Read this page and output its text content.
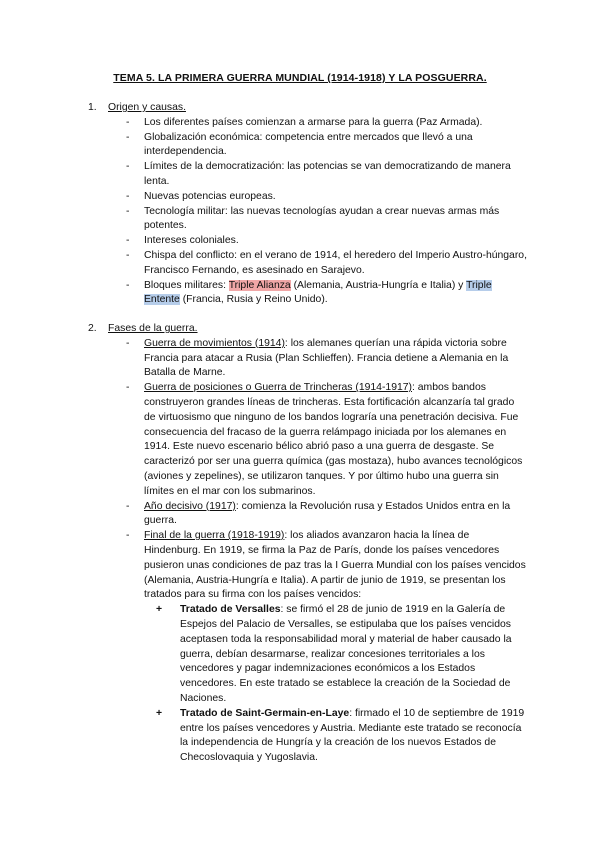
TEMA 5. LA PRIMERA GUERRA MUNDIAL (1914-1918) Y LA POSGUERRA.
1. Origen y causas.
- Los diferentes países comienzan a armarse para la guerra (Paz Armada).
- Globalización económica: competencia entre mercados que llevó a una interdependencia.
- Límites de la democratización: las potencias se van democratizando de manera lenta.
- Nuevas potencias europeas.
- Tecnología militar: las nuevas tecnologías ayudan a crear nuevas armas más potentes.
- Intereses coloniales.
- Chispa del conflicto: en el verano de 1914, el heredero del Imperio Austro-húngaro, Francisco Fernando, es asesinado en Sarajevo.
- Bloques militares: Triple Alianza (Alemania, Austria-Hungría e Italia) y Triple Entente (Francia, Rusia y Reino Unido).
2. Fases de la guerra.
- Guerra de movimientos (1914): los alemanes querían una rápida victoria sobre Francia para atacar a Rusia (Plan Schlieffen). Francia detiene a Alemania en la Batalla de Marne.
- Guerra de posiciones o Guerra de Trincheras (1914-1917): ambos bandos construyeron grandes líneas de trincheras. Esta fortificación alcanzaría tal grado de virtuosismo que ninguno de los bandos lograría una penetración decisiva. Fue consecuencia del fracaso de la guerra relámpago iniciada por los alemanes en 1914. Este nuevo escenario bélico abrió paso a una guerra de desgaste. Se caracterizó por ser una guerra química (gas mostaza), hubo avances tecnológicos (aviones y zepelines), se utilizaron tanques. Y por último hubo una guerra sin límites en el mar con los submarinos.
- Año decisivo (1917): comienza la Revolución rusa y Estados Unidos entra en la guerra.
- Final de la guerra (1918-1919): los aliados avanzaron hacia la línea de Hindenburg. En 1919, se firma la Paz de París, donde los países vencedores pusieron unas condiciones de paz tras la I Guerra Mundial con los países vencidos (Alemania, Austria-Hungría e Italia). A partir de junio de 1919, se presentan los tratados para su firma con los países vencidos:
+ Tratado de Versalles: se firmó el 28 de junio de 1919 en la Galería de Espejos del Palacio de Versalles, se estipulaba que los países vencidos aceptasen toda la responsabilidad moral y material de haber causado la guerra, debían desarmarse, realizar concesiones territoriales a los vencedores y pagar indemnizaciones económicos a los Estados vencedores. En este tratado se establece la creación de la Sociedad de Naciones.
+ Tratado de Saint-Germain-en-Laye: firmado el 10 de septiembre de 1919 entre los países vencedores y Austria. Mediante este tratado se reconocía la independencia de Hungría y la creación de los nuevos Estados de Checoslovaquia y Yugoslavia.
